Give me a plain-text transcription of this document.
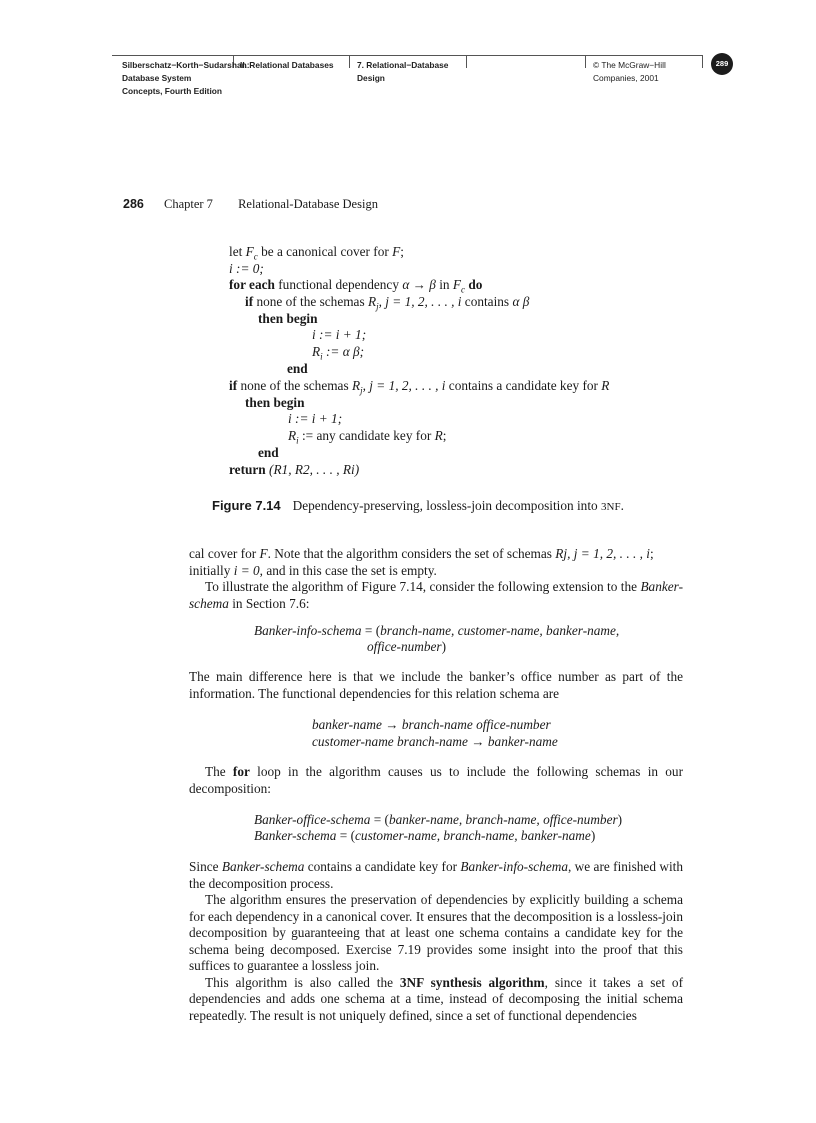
Silberschatz−Korth−Sudarshan:
Database System
Concepts, Fourth Edition
II. Relational Databases	7. Relational−Database
Design
© The McGraw−Hill
Companies, 2001
289
286 Chapter 7 Relational-Database Design
let $F_c$ be a canonical cover for F;
i := 0;
for each functional dependency α → β in $F_c$ do
if none of the schemas $R_j$, j = 1, 2, . . . , i contains α β
then begin
i := i + 1;
$R_i$ := α β;
end
if none of the schemas $R_j$, j = 1, 2, . . . , i contains a candidate key for R
then begin
i := i + 1;
$R_i$ := any candidate key for R;
end
return (R1, R2, . . . , Ri)
Figure 7.14 Dependency-preserving, lossless-join decomposition into 3NF.

cal cover for F. Note that the algorithm considers the set of schemas Rj, j = 1, 2, . . . , i;
initially i = 0, and in this case the set is empty.

To illustrate the algorithm of Figure 7.14, consider the following extension to the Banker-schema in Section 7.6:

Banker-info-schema = (branch-name, customer-name, banker-name,
office-number)

The main difference here is that we include the banker’s office number as part of the information. The functional dependencies for this relation schema are

banker-name → branch-name office-number
customer-name branch-name → banker-name

The for loop in the algorithm causes us to include the following schemas in our decomposition:

Banker-office-schema = (banker-name, branch-name, office-number)
Banker-schema = (customer-name, branch-name, banker-name)

Since Banker-schema contains a candidate key for Banker-info-schema, we are finished with the decomposition process.

The algorithm ensures the preservation of dependencies by explicitly building a schema for each dependency in a canonical cover. It ensures that the decomposition is a lossless-join decomposition by guaranteeing that at least one schema contains a candidate key for the schema being decomposed. Exercise 7.19 provides some insight into the proof that this suffices to guarantee a lossless join.

This algorithm is also called the 3NF synthesis algorithm, since it takes a set of dependencies and adds one schema at a time, instead of decomposing the initial schema repeatedly. The result is not uniquely defined, since a set of functional dependencies
